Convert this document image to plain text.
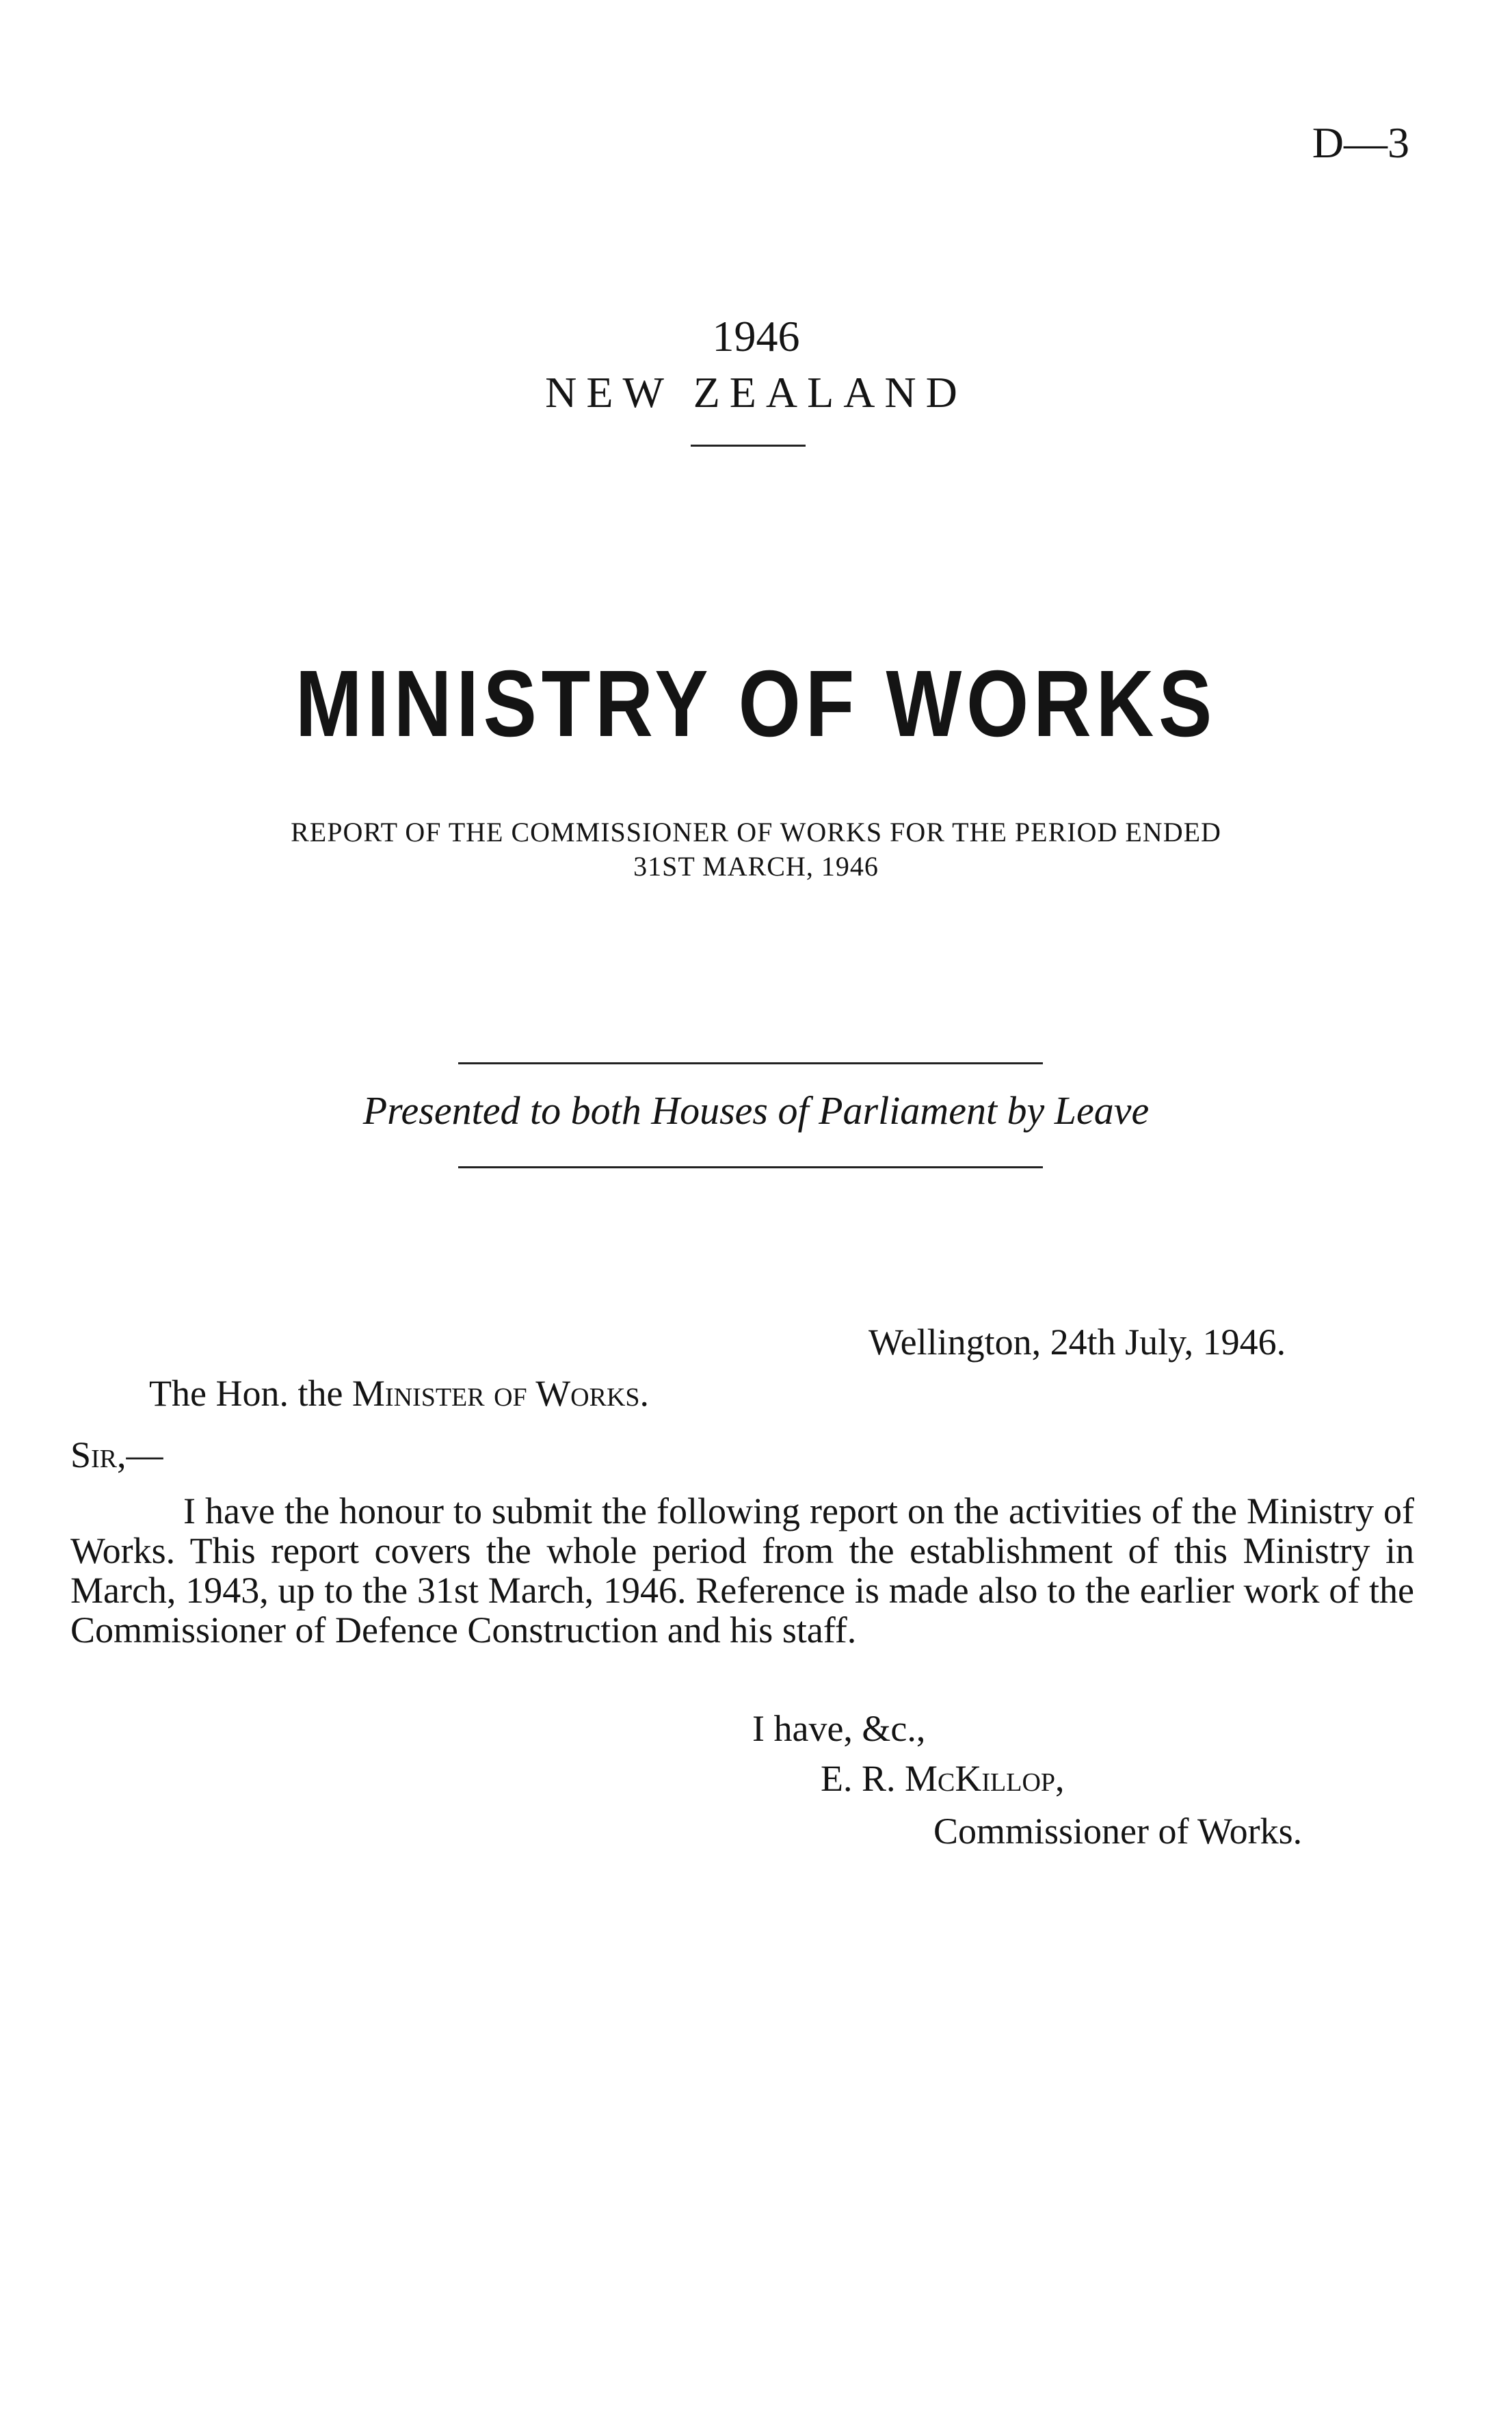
D—3
1946
NEW ZEALAND
MINISTRY OF WORKS
REPORT OF THE COMMISSIONER OF WORKS FOR THE PERIOD ENDED
31ST MARCH, 1946
Presented to both Houses of Parliament by Leave
Wellington, 24th July, 1946.
The Hon. the Minister of Works.
Sir,—

I have the honour to submit the following report on the activities of the Ministry of Works. This report covers the whole period from the establishment of this Ministry in March, 1943, up to the 31st March, 1946. Reference is made also to the earlier work of the Commissioner of Defence Construction and his staff.

I have, &c.,
E. R. McKillop,
Commissioner of Works.
